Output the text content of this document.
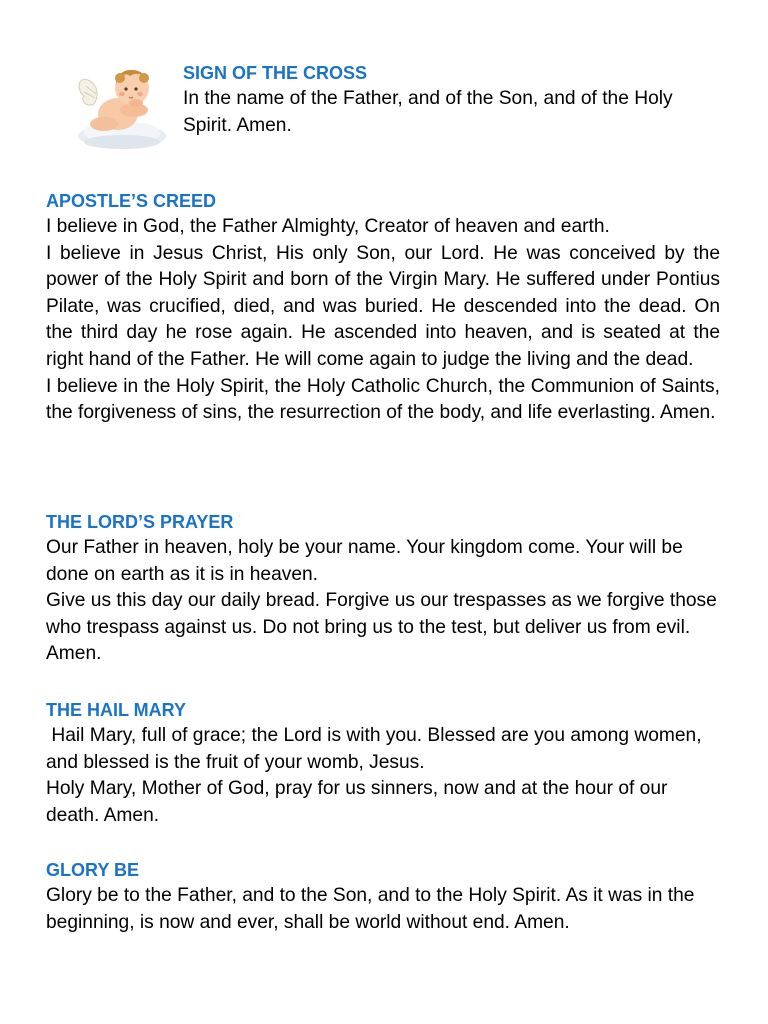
SIGN OF THE CROSS

In the name of the Father, and of the Son, and of the Holy Spirit. Amen.

APOSTLE’S CREED

I believe in God, the Father Almighty, Creator of heaven and earth.

I believe in Jesus Christ, His only Son, our Lord. He was conceived by the power of the Holy Spirit and born of the Virgin Mary. He suffered under Pontius Pilate, was crucified, died, and was buried. He descended into the dead. On the third day he rose again. He ascended into heaven, and is seated at the right hand of the Father. He will come again to judge the living and the dead.

I believe in the Holy Spirit, the Holy Catholic Church, the Communion of Saints, the forgiveness of sins, the resurrection of the body, and life everlasting. Amen.

THE LORD’S PRAYER

Our Father in heaven, holy be your name. Your kingdom come. Your will be done on earth as it is in heaven.

Give us this day our daily bread. Forgive us our trespasses as we forgive those who trespass against us. Do not bring us to the test, but deliver us from evil. Amen.

THE HAIL MARY

Hail Mary, full of grace; the Lord is with you. Blessed are you among women, and blessed is the fruit of your womb, Jesus.

Holy Mary, Mother of God, pray for us sinners, now and at the hour of our death. Amen.

GLORY BE

Glory be to the Father, and to the Son, and to the Holy Spirit. As it was in the beginning, is now and ever, shall be world without end. Amen.
